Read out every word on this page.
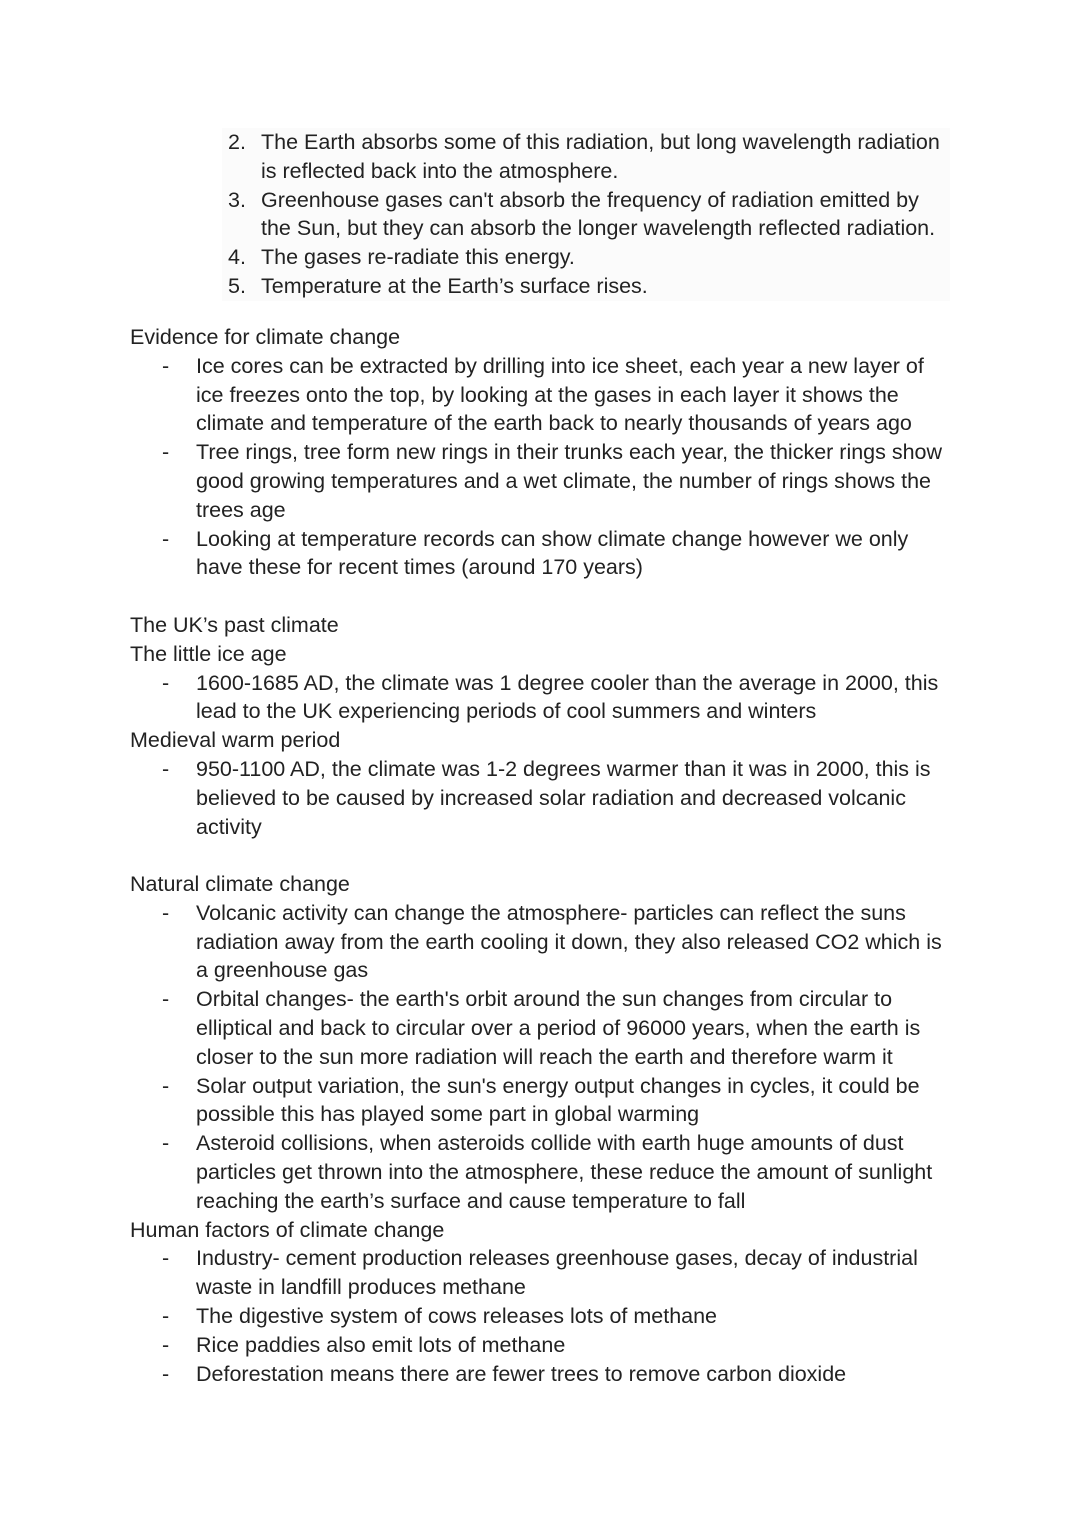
2. The Earth absorbs some of this radiation, but long wavelength radiation is reflected back into the atmosphere.
3. Greenhouse gases can't absorb the frequency of radiation emitted by the Sun, but they can absorb the longer wavelength reflected radiation.
4. The gases re-radiate this energy.
5. Temperature at the Earth’s surface rises.
Evidence for climate change
-	Ice cores can be extracted by drilling into ice sheet, each year a new layer of ice freezes onto the top, by looking at the gases in each layer it shows the climate and temperature of the earth back to nearly thousands of years ago
-	Tree rings, tree form new rings in their trunks each year, the thicker rings show good growing temperatures and a wet climate, the number of rings shows the trees age
-	Looking at temperature records can show climate change however we only have these for recent times (around 170 years)
The UK’s past climate
The little ice age
-	1600-1685 AD, the climate was 1 degree cooler than the average in 2000, this lead to the UK experiencing periods of cool summers and winters
Medieval warm period
-	950-1100 AD, the climate was 1-2 degrees warmer than it was in 2000, this is believed to be caused by increased solar radiation and decreased volcanic activity
Natural climate change
-	Volcanic activity can change the atmosphere- particles can reflect the suns radiation away from the earth cooling it down, they also released CO2 which is a greenhouse gas
-	Orbital changes- the earth's orbit around the sun changes from circular to elliptical and back to circular over a period of 96000 years, when the earth is closer to the sun more radiation will reach the earth and therefore warm it
-	Solar output variation, the sun's energy output changes in cycles, it could be possible this has played some part in global warming
-	Asteroid collisions, when asteroids collide with earth huge amounts of dust particles get thrown into the atmosphere, these reduce the amount of sunlight reaching the earth’s surface and cause temperature to fall
Human factors of climate change
-	Industry- cement production releases greenhouse gases, decay of industrial waste in landfill produces methane
-	The digestive system of cows releases lots of methane
-	Rice paddies also emit lots of methane
-	Deforestation means there are fewer trees to remove carbon dioxide
